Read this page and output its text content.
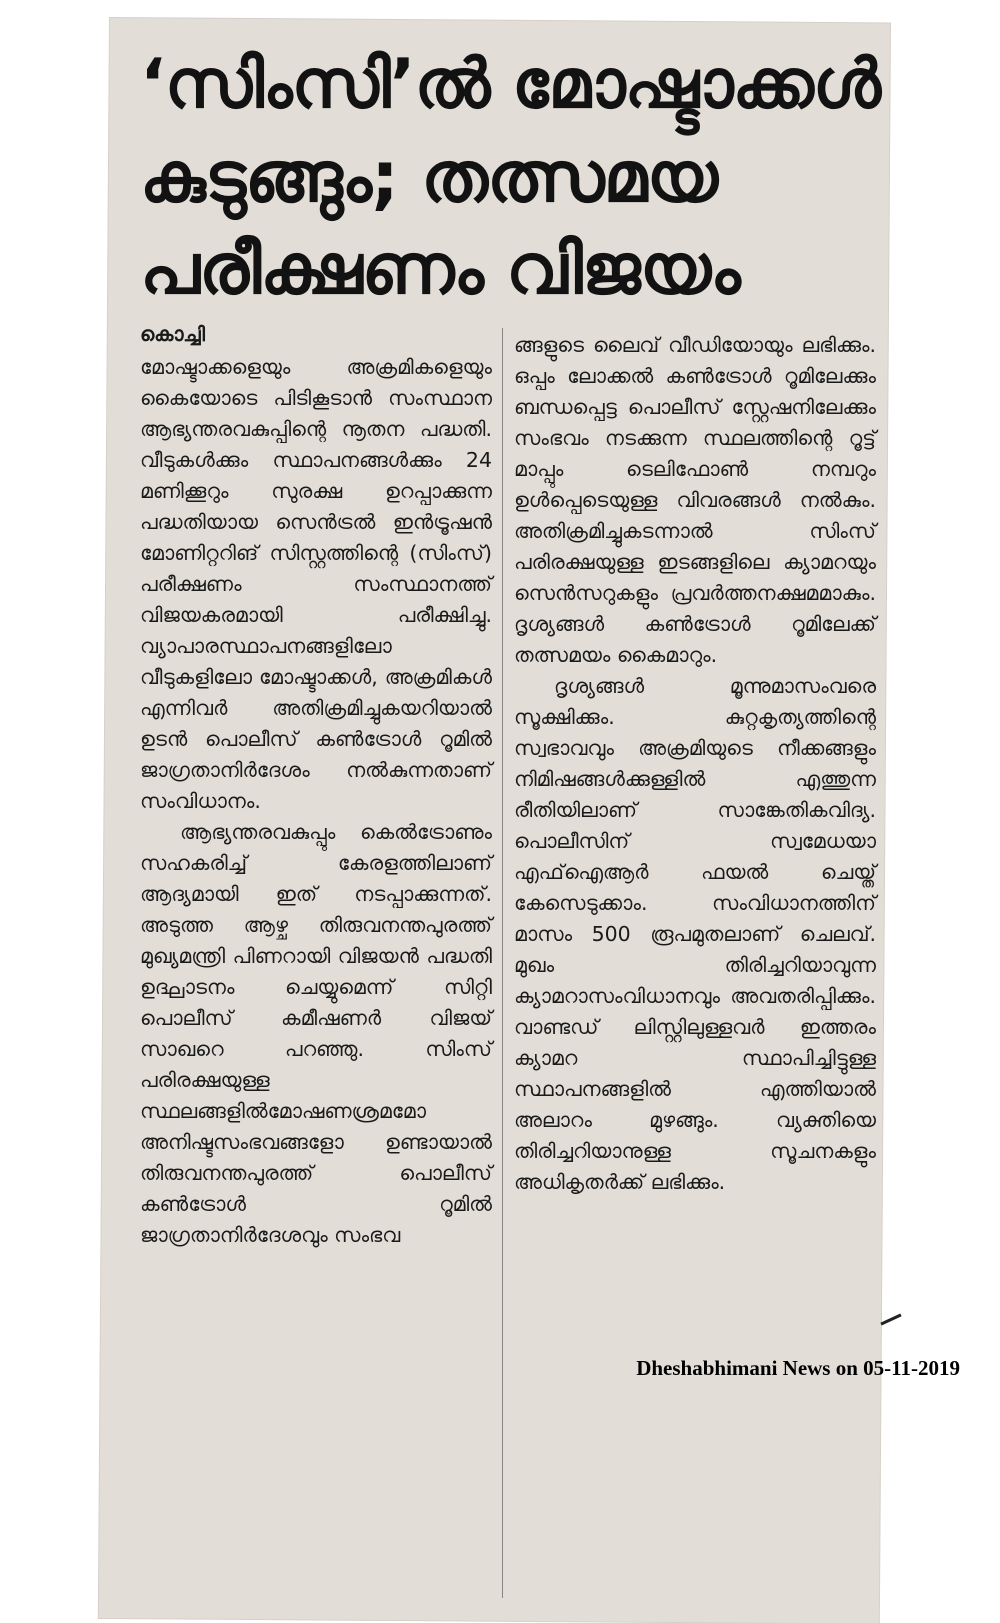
‘സിംസി’ൽ മോഷ്ടാക്കൾ
കുടുങ്ങും; തത്സമയ
പരീക്ഷണം വിജയം
കൊച്ചി

മോഷ്ടാക്കളെയും അക്രമികളെയും കൈയോടെ പിടികൂടാൻ സംസ്ഥാന ആഭ്യന്തരവകുപ്പിന്റെ നൂതന പദ്ധതി. വീടുകൾക്കും സ്ഥാപനങ്ങൾക്കും 24 മണിക്കൂറും സുരക്ഷ ഉറപ്പാക്കുന്ന പദ്ധതിയായ സെൻട്രൽ ഇൻട്രൂഷൻ മോണിറ്ററിങ് സിസ്റ്റത്തിന്റെ (സിംസ്) പരീക്ഷണം സംസ്ഥാനത്ത് വിജയകരമായി പരീക്ഷിച്ചു. വ്യാപാരസ്ഥാപനങ്ങളിലോ വീടുകളിലോ മോഷ്ടാക്കൾ, അക്രമികൾ എന്നിവർ അതിക്രമിച്ചുകയറിയാൽ ഉടൻ പൊലീസ് കൺട്രോൾ റൂമിൽ ജാഗ്രതാനിർദേശം നൽകുന്നതാണ് സംവിധാനം.

ആഭ്യന്തരവകുപ്പും കെൽട്രോണും സഹകരിച്ച് കേരളത്തിലാണ് ആദ്യമായി ഇത് നടപ്പാക്കുന്നത്. അടുത്ത ആഴ്ച തിരുവനന്തപുരത്ത് മുഖ്യമന്ത്രി പിണറായി വിജയൻ പദ്ധതി ഉദ്ഘാടനം ചെയ്യുമെന്ന് സിറ്റി പൊലീസ് കമീഷണർ വിജയ് സാഖറെ പറഞ്ഞു. സിംസ് പരിരക്ഷയുള്ള സ്ഥലങ്ങളിൽമോഷണശ്രമമോ അനിഷ്ടസംഭവങ്ങളോ ഉണ്ടായാൽ തിരുവനന്തപുരത്ത് പൊലീസ് കൺട്രോൾ റൂമിൽ ജാഗ്രതാനിർദേശവും സംഭവ

ങ്ങളുടെ ലൈവ് വീഡിയോയും ലഭിക്കും. ഒപ്പം ലോക്കൽ കൺട്രോൾ റൂമിലേക്കും ബന്ധപ്പെട്ട പൊലീസ് സ്റ്റേഷനിലേക്കും സംഭവം നടക്കുന്ന സ്ഥലത്തിന്റെ റൂട്ട് മാപ്പും ടെലിഫോൺ നമ്പറും ഉൾപ്പെടെയുള്ള വിവരങ്ങൾ നൽകും. അതിക്രമിച്ചുകടന്നാൽ സിംസ് പരിരക്ഷയുള്ള ഇടങ്ങളിലെ ക്യാമറയും സെൻസറുകളും പ്രവർത്തനക്ഷമമാകും. ദൃശ്യങ്ങൾ കൺട്രോൾ റൂമിലേക്ക് തത്സമയം കൈമാറും.

ദൃശ്യങ്ങൾ മൂന്നുമാസംവരെ സൂക്ഷിക്കും. കുറ്റകൃത്യത്തിന്റെ സ്വഭാവവും അക്രമിയുടെ നീക്കങ്ങളും നിമിഷങ്ങൾക്കുള്ളിൽ എത്തുന്ന രീതിയിലാണ് സാങ്കേതികവിദ്യ. പൊലീസിന് സ്വമേധയാ എഫ്ഐആർ ഫയൽ ചെയ്ത് കേസെടുക്കാം. സംവിധാനത്തിന് മാസം 500 രൂപമുതലാണ് ചെലവ്. മുഖം തിരിച്ചറിയാവുന്ന ക്യാമറാസംവിധാനവും അവതരിപ്പിക്കും. വാണ്ടഡ് ലിസ്റ്റിലുള്ളവർ ഇത്തരം ക്യാമറ സ്ഥാപിച്ചിട്ടുള്ള സ്ഥാപനങ്ങളിൽ എത്തിയാൽ അലാറം മുഴങ്ങും. വ്യക്തിയെ തിരിച്ചറിയാനുള്ള സൂചനകളും അധികൃതർക്ക് ലഭിക്കും.

Dheshabhimani News on 05-11-2019
